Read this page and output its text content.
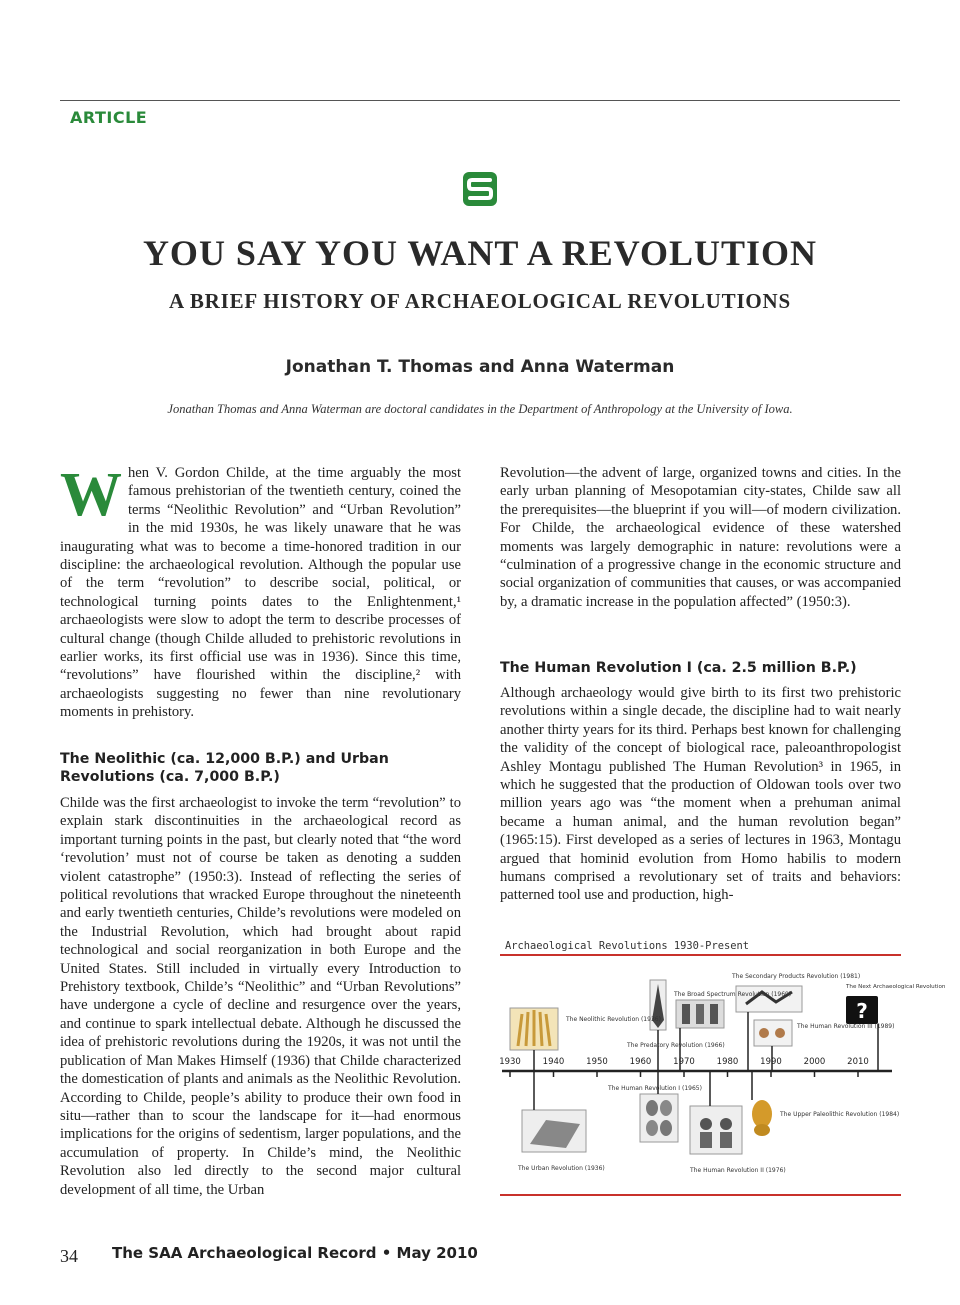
ARTICLE
YOU SAY YOU WANT A REVOLUTION
A BRIEF HISTORY OF ARCHAEOLOGICAL REVOLUTIONS
Jonathan T. Thomas and Anna Waterman
Jonathan Thomas and Anna Waterman are doctoral candidates in the Department of Anthropology at the University of Iowa.
When V. Gordon Childe, at the time arguably the most famous prehistorian of the twentieth century, coined the terms “Neolithic Revolution” and “Urban Revolution” in the mid 1930s, he was likely unaware that he was inaugurating what was to become a time-honored tradition in our discipline: the archaeological revolution. Although the popular use of the term “revolution” to describe social, political, or technological turning points dates to the Enlightenment,¹ archaeologists were slow to adopt the term to describe processes of cultural change (though Childe alluded to prehistoric revolutions in earlier works, its first official use was in 1936). Since this time, “revolutions” have flourished within the discipline,² with archaeologists suggesting no fewer than nine revolutionary moments in prehistory.
The Neolithic (ca. 12,000 B.P.) and Urban Revolutions (ca. 7,000 B.P.)
Childe was the first archaeologist to invoke the term “revolution” to explain stark discontinuities in the archaeological record as important turning points in the past, but clearly noted that “the word ‘revolution’ must not of course be taken as denoting a sudden violent catastrophe” (1950:3). Instead of reflecting the series of political revolutions that wracked Europe throughout the nineteenth and early twentieth centuries, Childe’s revolutions were modeled on the Industrial Revolution, which had brought about rapid technological and social reorganization in both Europe and the United States. Still included in virtually every Introduction to Prehistory textbook, Childe’s “Neolithic” and “Urban Revolutions” have undergone a cycle of decline and resurgence over the years, and continue to spark intellectual debate. Although he discussed the idea of prehistoric revolutions during the 1920s, it was not until the publication of Man Makes Himself (1936) that Childe characterized the domestication of plants and animals as the Neolithic Revolution. According to Childe, people’s ability to produce their own food in situ—rather than to scour the landscape for it—had enormous implications for the origins of sedentism, larger populations, and the accumulation of property. In Childe’s mind, the Neolithic Revolution also led directly to the second major cultural development of all time, the Urban
Revolution—the advent of large, organized towns and cities. In the early urban planning of Mesopotamian city-states, Childe saw all the prerequisites—the blueprint if you will—of modern civilization. For Childe, the archaeological evidence of these watershed moments was largely demographic in nature: revolutions were a “culmination of a progressive change in the economic structure and social organization of communities that causes, or was accompanied by, a dramatic increase in the population affected” (1950:3).
The Human Revolution I (ca. 2.5 million B.P.)
Although archaeology would give birth to its first two prehistoric revolutions within a single decade, the discipline had to wait nearly another thirty years for its third. Perhaps best known for challenging the validity of the concept of biological race, paleoanthropologist Ashley Montagu published The Human Revolution³ in 1965, in which he suggested that the production of Oldowan tools over two million years ago was “the moment when a prehuman animal became a human animal, and the human revolution began” (1965:15). First developed as a series of lectures in 1963, Montagu argued that hominid evolution from Homo habilis to modern humans comprised a revolutionary set of traits and behaviors: patterned tool use and production, high-
Archaeological Revolutions 1930-Present
1930	1940	1950	1960	1970	1980	1990	2000	2010
?
The Neolithic Revolution (1936)
The Predatory Revolution (1966)
The Broad Spectrum Revolution (1969)
The Secondary Products Revolution (1981)
The Human Revolution III (1989)
The Next Archaeological Revolution
The Urban Revolution (1936)
The Human Revolution I (1965)
The Human Revolution II (1976)
The Upper Paleolithic Revolution (1984)
34 The SAA Archaeological Record • May 2010
